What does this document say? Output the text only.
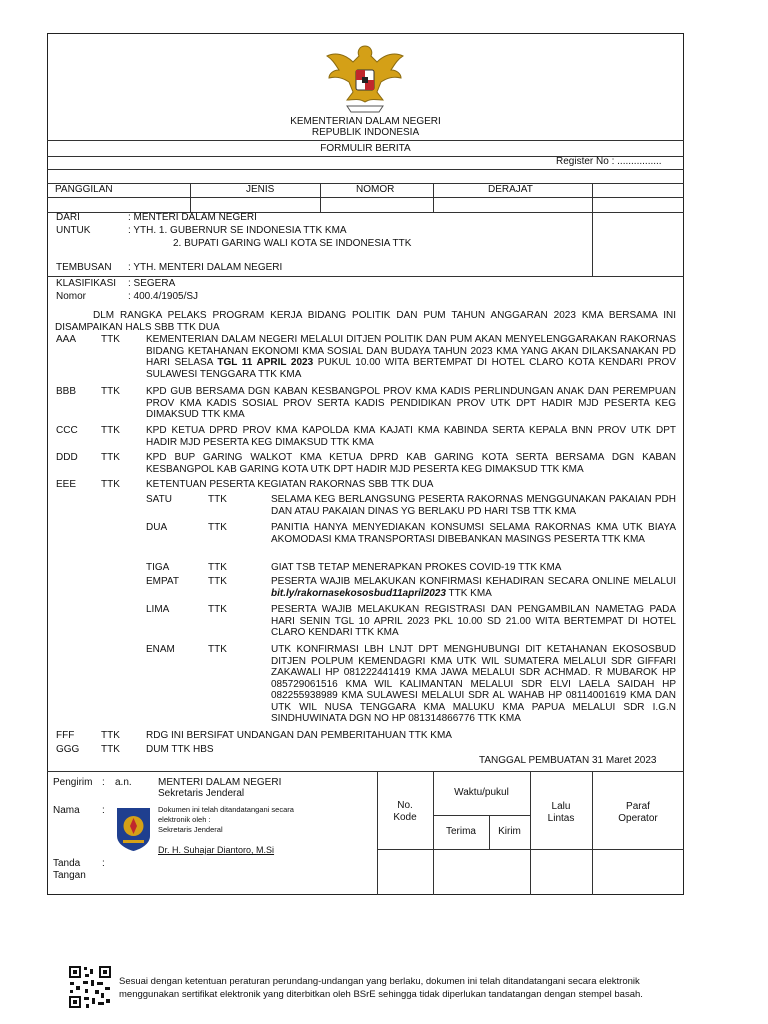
KEMENTERIAN DALAM NEGERI
REPUBLIK INDONESIA
FORMULIR BERITA
Register No : ................
PANGGILAN	JENIS	NOMOR	DERAJAT
DARI	: MENTERI DALAM NEGERI
UNTUK	: YTH. 1. GUBERNUR SE INDONESIA TTK KMA
2. BUPATI GARING WALI KOTA SE INDONESIA TTK
TEMBUSAN : YTH. MENTERI DALAM NEGERI
KLASIFIKASI : SEGERA
Nomor	: 400.4/1905/SJ
DLM RANGKA PELAKS PROGRAM KERJA BIDANG POLITIK DAN PUM TAHUN ANGGARAN 2023 KMA BERSAMA INI DISAMPAIKAN HALS SBB TTK DUA
AAA TTK	KEMENTERIAN DALAM NEGERI MELALUI DITJEN POLITIK DAN PUM AKAN MENYELENGGARAKAN RAKORNAS BIDANG KETAHANAN EKONOMI KMA SOSIAL DAN BUDAYA TAHUN 2023 KMA YANG AKAN DILAKSANAKAN PD HARI SELASA TGL 11 APRIL 2023 PUKUL 10.00 WITA BERTEMPAT DI HOTEL CLARO KOTA KENDARI PROV SULAWESI TENGGARA TTK KMA
BBB TTK	KPD GUB BERSAMA DGN KABAN KESBANGPOL PROV KMA KADIS PERLINDUNGAN ANAK DAN PEREMPUAN PROV KMA KADIS SOSIAL PROV SERTA KADIS PENDIDIKAN PROV UTK DPT HADIR MJD PESERTA KEG DIMAKSUD TTK KMA
CCC TTK	KPD KETUA DPRD PROV KMA KAPOLDA KMA KAJATI KMA KABINDA SERTA KEPALA BNN PROV UTK DPT HADIR MJD PESERTA KEG DIMAKSUD TTK KMA
DDD TTK	KPD BUP GARING WALKOT KMA KETUA DPRD KAB GARING KOTA SERTA BERSAMA DGN KABAN KESBANGPOL KAB GARING KOTA UTK DPT HADIR MJD PESERTA KEG DIMAKSUD TTK KMA
EEE TTK	KETENTUAN PESERTA KEGIATAN RAKORNAS SBB TTK DUA
SATU	TTK	SELAMA KEG BERLANGSUNG PESERTA RAKORNAS MENGGUNAKAN PAKAIAN PDH DAN ATAU PAKAIAN DINAS YG BERLAKU PD HARI TSB TTK KMA
DUA	TTK	PANITIA HANYA MENYEDIAKAN KONSUMSI SELAMA RAKORNAS KMA UTK BIAYA AKOMODASI KMA TRANSPORTASI DIBEBANKAN MASINGS PESERTA TTK KMA
TIGA	TTK	GIAT TSB TETAP MENERAPKAN PROKES COVID-19 TTK KMA
EMPAT	TTK	PESERTA WAJIB MELAKUKAN KONFIRMASI KEHADIRAN SECARA ONLINE MELALUI bit.ly/rakornasekososbud11april2023 TTK KMA
LIMA	TTK	PESERTA WAJIB MELAKUKAN REGISTRASI DAN PENGAMBILAN NAMETAG PADA HARI SENIN TGL 10 APRIL 2023 PKL 10.00 SD 21.00 WITA BERTEMPAT DI HOTEL CLARO KENDARI TTK KMA
ENAM	TTK	UTK KONFIRMASI LBH LNJT DPT MENGHUBUNGI DIT KETAHANAN EKOSOSBUD DITJEN POLPUM KEMENDAGRI KMA UTK WIL SUMATERA MELALUI SDR GIFFARI ZAKAWALI HP 081222441419 KMA JAWA MELALUI SDR ACHMAD. R MUBAROK HP 085729061516 KMA WIL KALIMANTAN MELALUI SDR ELVI LAELA SAIDAH HP 082255938989 KMA SULAWESI MELALUI SDR AL WAHAB HP 08114001619 KMA DAN UTK WIL NUSA TENGGARA KMA MALUKU KMA PAPUA MELALUI SDR I.G.N SINDHUWINATA DGN NO HP 081314866776 TTK KMA
FFF	TTK	RDG INI BERSIFAT UNDANGAN DAN PEMBERITAHUAN TTK KMA
GGG TTK	DUM TTK HBS
TANGGAL PEMBUATAN 31 Maret 2023
Pengirim : a.n.	MENTERI DALAM NEGERI
Sekretaris Jenderal
Nama :	Dokumen ini telah ditandatangani secara
elektronik oleh :
Sekretaris Jenderal
Dr. H. Suhajar Diantoro, M.Si
Tanda :
Tangan
No.
Kode
Waktu/pukul
Terima	Kirim
Lalu
Lintas
Paraf
Operator
Sesuai dengan ketentuan peraturan perundang-undangan yang berlaku, dokumen ini telah ditandatangani secara elektronik
menggunakan sertifikat elektronik yang diterbitkan oleh BSrE sehingga tidak diperlukan tandatangan dengan stempel basah.
